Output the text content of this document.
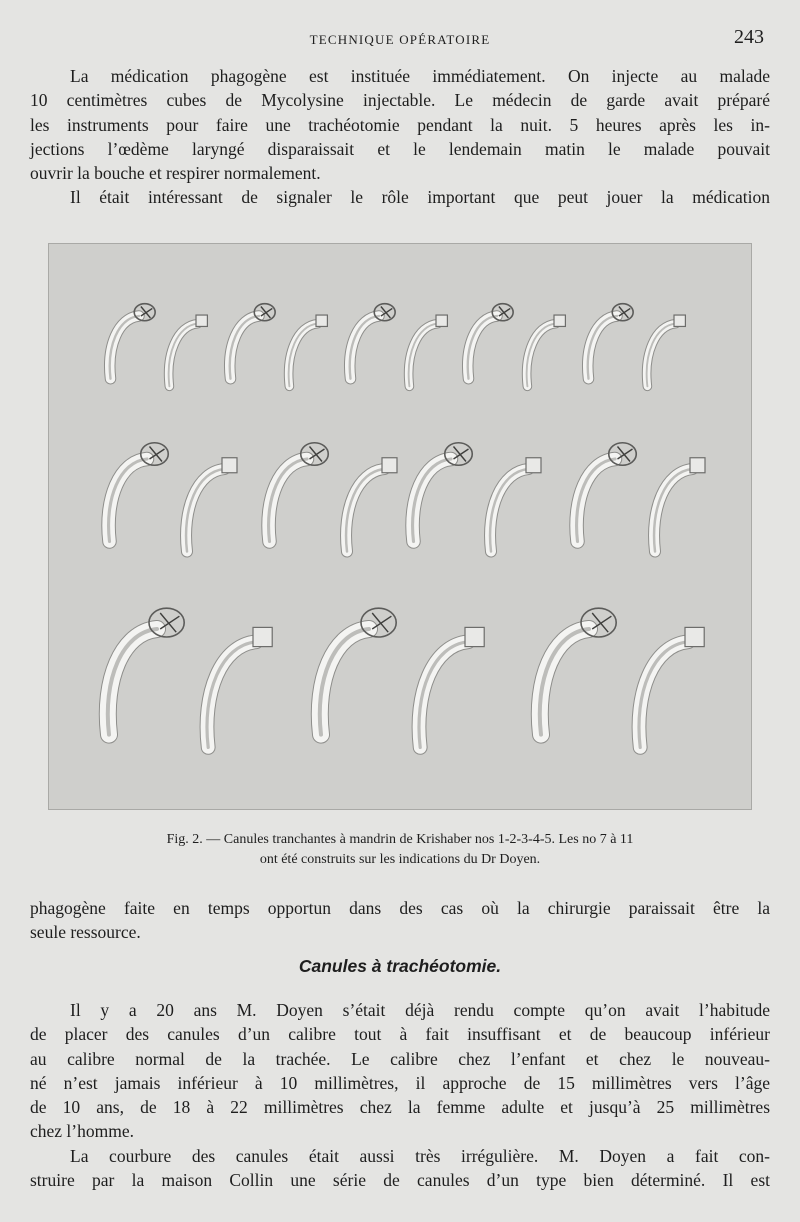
TECHNIQUE OPÉRATOIRE	243
La médication phagogène est instituée immédiatement. On injecte au malade
10 centimètres cubes de Mycolysine injectable. Le médecin de garde avait préparé
les instruments pour faire une trachéotomie pendant la nuit. 5 heures après les in-
jections l’œdème laryngé disparaissait et le lendemain matin le malade pouvait
ouvrir la bouche et respirer normalement.
Il était intéressant de signaler le rôle important que peut jouer la médication
Fig. 2. — Canules tranchantes à mandrin de Krishaber nos 1-2-3-4-5. Les no 7 à 11
ont été construits sur les indications du Dr Doyen.
phagogène faite en temps opportun dans des cas où la chirurgie paraissait être la
seule ressource.
Canules à trachéotomie.
Il y a 20 ans M. Doyen s’était déjà rendu compte qu’on avait l’habitude
de placer des canules d’un calibre tout à fait insuffisant et de beaucoup inférieur
au calibre normal de la trachée. Le calibre chez l’enfant et chez le nouveau-
né n’est jamais inférieur à 10 millimètres, il approche de 15 millimètres vers l’âge
de 10 ans, de 18 à 22 millimètres chez la femme adulte et jusqu’à 25 millimètres
chez l’homme.
La courbure des canules était aussi très irrégulière. M. Doyen a fait con-
struire par la maison Collin une série de canules d’un type bien déterminé. Il est
